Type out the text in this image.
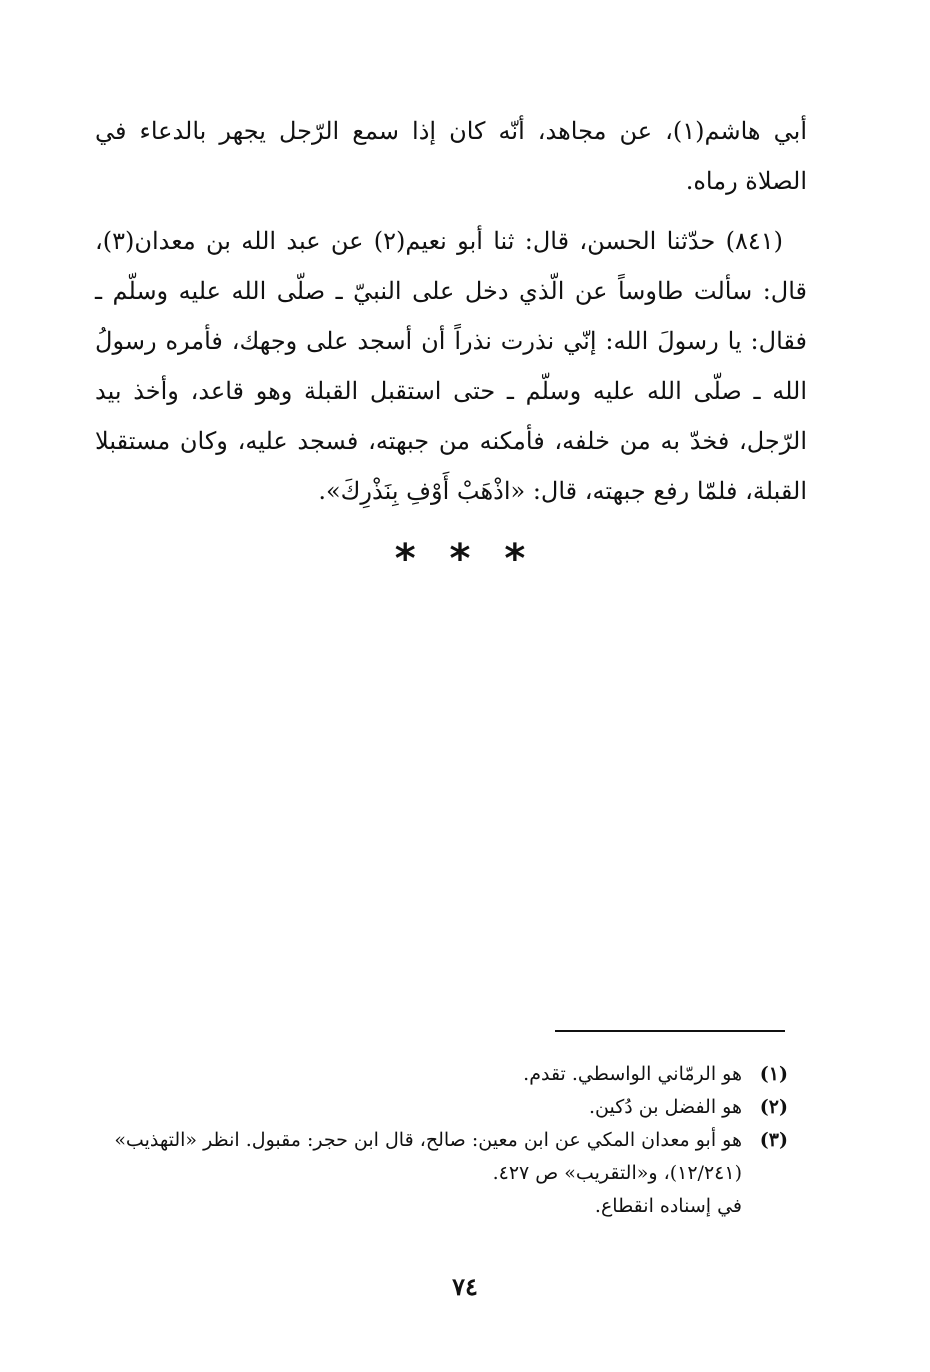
أبي هاشم(١)، عن مجاهد، أنّه كان إذا سمع الرّجل يجهر بالدعاء في الصلاة رماه.

(٨٤١) حدّثنا الحسن، قال: ثنا أبو نعيم(٢) عن عبد الله بن معدان(٣)، قال: سألت طاوساً عن الّذي دخل على النبيّ ـ صلّى الله عليه وسلّم ـ فقال: يا رسولَ الله: إنّي نذرت نذراً أن أسجد على وجهك، فأمره رسولُ الله ـ صلّى الله عليه وسلّم ـ حتى استقبل القبلة وهو قاعد، وأخذ بيد الرّجل، فخدّ به من خلفه، فأمكنه من جبهته، فسجد عليه، وكان مستقبلا القبلة، فلمّا رفع جبهته، قال: «اذْهَبْ أَوْفِ بِنَذْرِكَ».

* * *
(١)
هو الرمّاني الواسطي. تقدم.
(٢)
هو الفضل بن دُكين.
(٣)
هو أبو معدان المكي عن ابن معين: صالح، قال ابن حجر: مقبول. انظر «التهذيب»
(١٢/٢٤١)، و«التقريب» ص ٤٢٧.
في إسناده انقطاع.
٧٤
